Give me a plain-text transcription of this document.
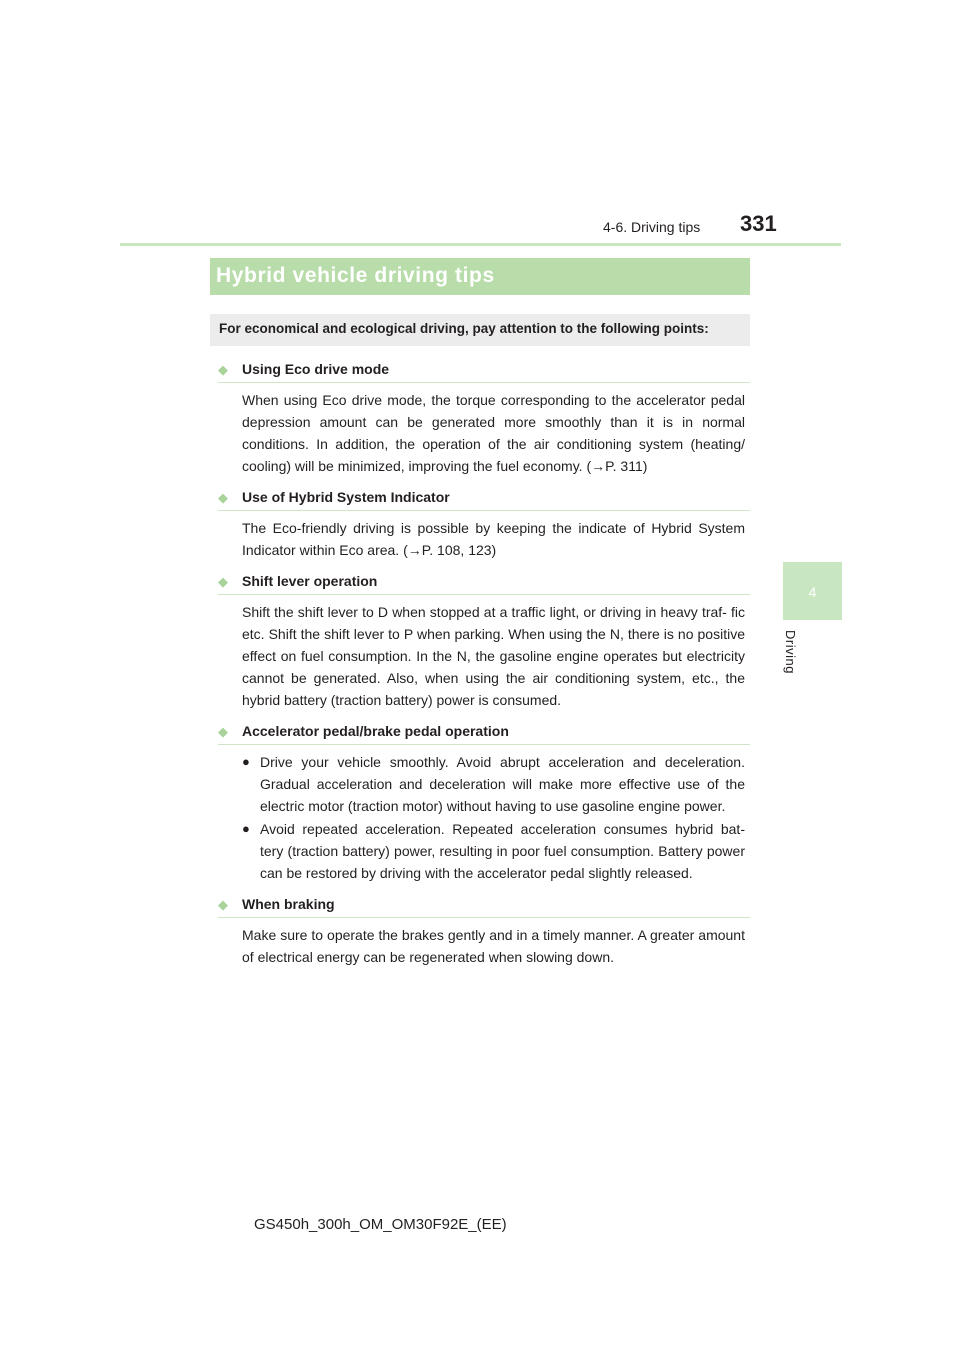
4-6. Driving tips 331
4
Driving
Hybrid vehicle driving tips
For economical and ecological driving, pay attention to the following points:
◆	Using Eco drive mode
When using Eco drive mode, the torque corresponding to the accelerator pedal depression amount can be generated more smoothly than it is in normal conditions. In addition, the operation of the air conditioning system (heating/ cooling) will be minimized, improving the fuel economy. (→P. 311)
◆	Use of Hybrid System Indicator
The Eco-friendly driving is possible by keeping the indicate of Hybrid System Indicator within Eco area. (→P. 108, 123)
◆	Shift lever operation
Shift the shift lever to D when stopped at a traffic light, or driving in heavy traf- fic etc. Shift the shift lever to P when parking. When using the N, there is no positive effect on fuel consumption. In the N, the gasoline engine operates but electricity cannot be generated. Also, when using the air conditioning system, etc., the hybrid battery (traction battery) power is consumed.
◆	Accelerator pedal/brake pedal operation
● Drive your vehicle smoothly. Avoid abrupt acceleration and deceleration. Gradual acceleration and deceleration will make more effective use of the electric motor (traction motor) without having to use gasoline engine power.
● Avoid repeated acceleration. Repeated acceleration consumes hybrid bat- tery (traction battery) power, resulting in poor fuel consumption. Battery power can be restored by driving with the accelerator pedal slightly released.
◆	When braking
Make sure to operate the brakes gently and in a timely manner. A greater amount of electrical energy can be regenerated when slowing down.
GS450h_300h_OM_OM30F92E_(EE)
